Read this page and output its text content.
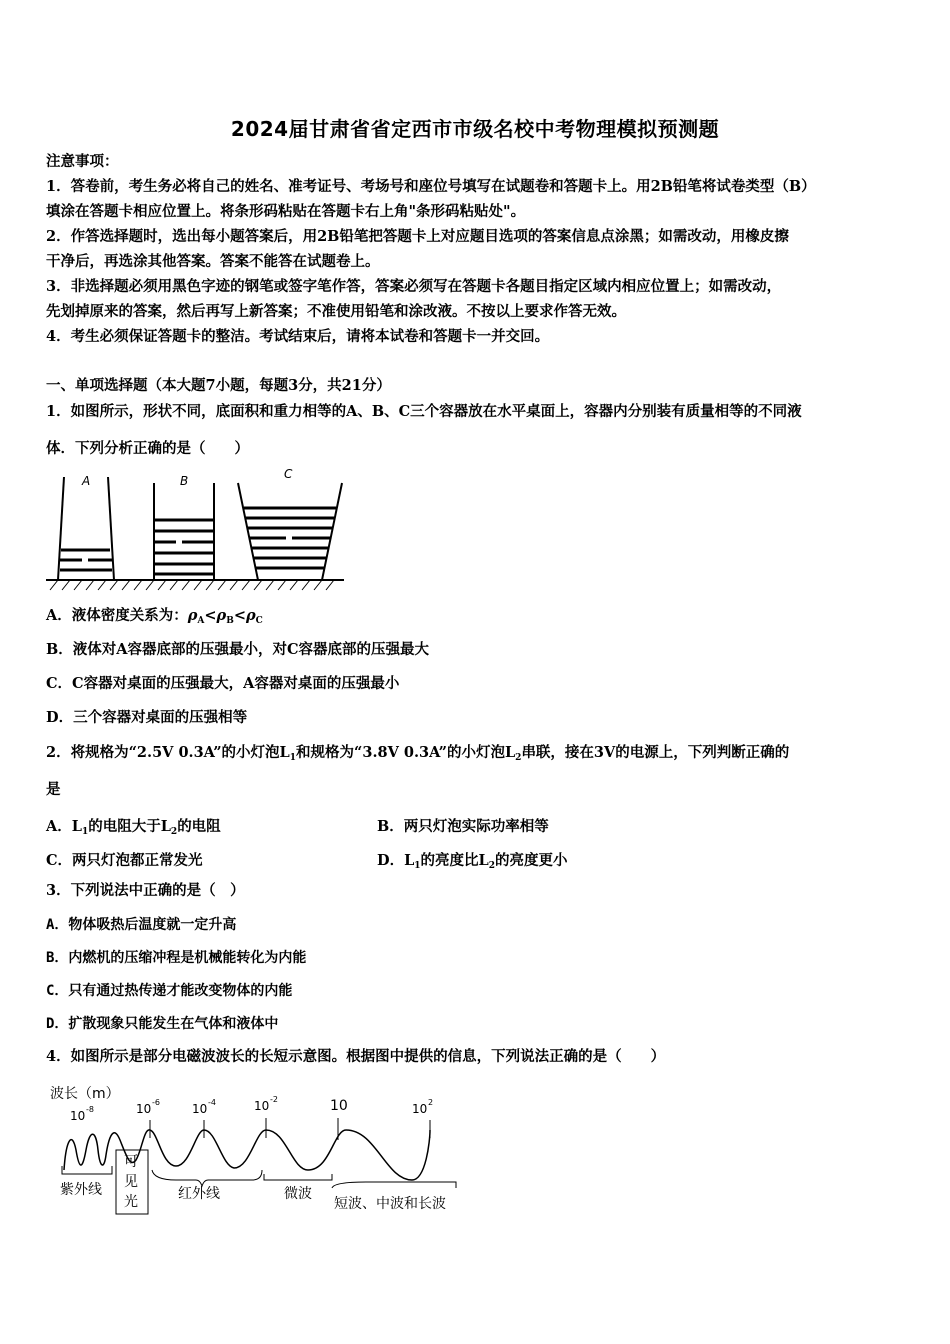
2024届甘肃省省定西市市级名校中考物理模拟预测题
注意事项：
1．答卷前，考生务必将自己的姓名、准考证号、考场号和座位号填写在试题卷和答题卡上。用2B铅笔将试卷类型（B）
填涂在答题卡相应位置上。将条形码粘贴在答题卡右上角"条形码粘贴处"。
2．作答选择题时，选出每小题答案后，用2B铅笔把答题卡上对应题目选项的答案信息点涂黑；如需改动，用橡皮擦
干净后，再选涂其他答案。答案不能答在试题卷上。
3．非选择题必须用黑色字迹的钢笔或签字笔作答，答案必须写在答题卡各题目指定区域内相应位置上；如需改动，
先划掉原来的答案，然后再写上新答案；不准使用铅笔和涂改液。不按以上要求作答无效。
4．考生必须保证答题卡的整洁。考试结束后，请将本试卷和答题卡一并交回。
一、单项选择题（本大题7小题，每题3分，共21分）
1．如图所示，形状不同，底面积和重力相等的A、B、C三个容器放在水平桌面上，容器内分别装有质量相等的不同液
体．下列分析正确的是（　　）
A	B	C
A．液体密度关系为：$\rho_A<\rho_B<\rho_C$
B．液体对A容器底部的压强最小，对C容器底部的压强最大
C．C容器对桌面的压强最大，A容器对桌面的压强最小
D．三个容器对桌面的压强相等
2．将规格为“2.5V 0.3A”的小灯泡$L_1$和规格为“3.8V 0.3A”的小灯泡$L_2$串联，接在3V的电源上，下列判断正确的
是
A．$L_1$的电阻大于$L_2$的电阻	B．两只灯泡实际功率相等
C．两只灯泡都正常发光	D．$L_1$的亮度比$L_2$的亮度更小
3．下列说法中正确的是（　）
A．物体吸热后温度就一定升高
B．内燃机的压缩冲程是机械能转化为内能
C．只有通过热传递才能改变物体的内能
D．扩散现象只能发生在气体和液体中
4．如图所示是部分电磁波波长的长短示意图。根据图中提供的信息，下列说法正确的是（　　）
波长（m）
10 -8	10 -6	10 -4	10 -2	10	10 2
紫外线
可
见
光	红外线	微波
短波、中波和长波
